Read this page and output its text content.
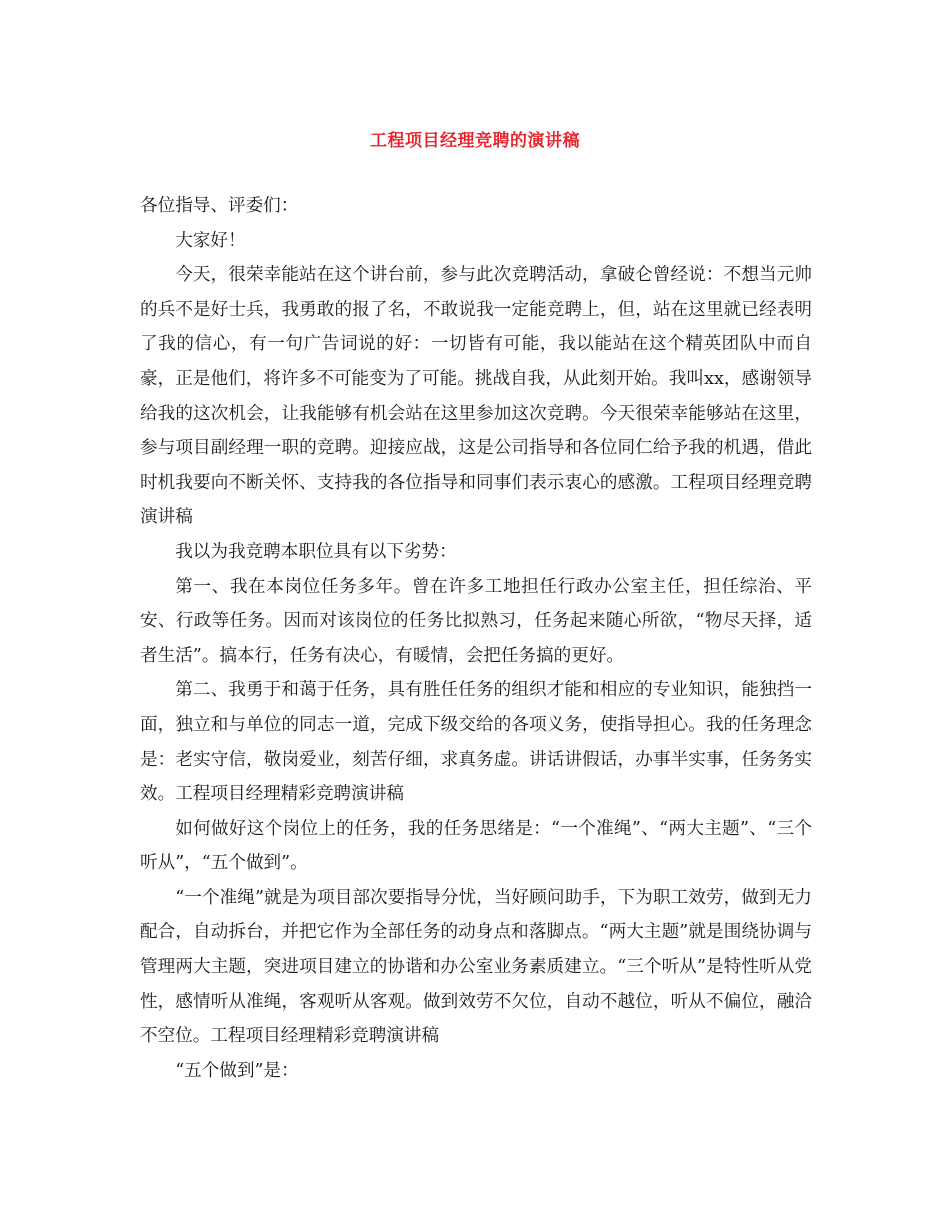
工程项目经理竞聘的演讲稿

各位指导、评委们：

大家好！

今天，很荣幸能站在这个讲台前，参与此次竞聘活动，拿破仑曾经说：不想当元帅的兵不是好士兵，我勇敢的报了名，不敢说我一定能竞聘上，但，站在这里就已经表明了我的信心，有一句广告词说的好：一切皆有可能，我以能站在这个精英团队中而自豪，正是他们，将许多不可能变为了可能。挑战自我，从此刻开始。我叫xx，感谢领导给我的这次机会，让我能够有机会站在这里参加这次竞聘。今天很荣幸能够站在这里，参与项目副经理一职的竞聘。迎接应战，这是公司指导和各位同仁给予我的机遇，借此时机我要向不断关怀、支持我的各位指导和同事们表示衷心的感激。工程项目经理竞聘演讲稿

我以为我竞聘本职位具有以下劣势：

第一、我在本岗位任务多年。曾在许多工地担任行政办公室主任，担任综治、平安、行政等任务。因而对该岗位的任务比拟熟习，任务起来随心所欲，“物尽天择，适者生活”。搞本行，任务有决心，有暖情，会把任务搞的更好。

第二、我勇于和蔼于任务，具有胜任任务的组织才能和相应的专业知识，能独挡一面，独立和与单位的同志一道，完成下级交给的各项义务，使指导担心。我的任务理念是：老实守信，敬岗爱业，刻苦仔细，求真务虚。讲话讲假话，办事半实事，任务务实效。工程项目经理精彩竞聘演讲稿

如何做好这个岗位上的任务，我的任务思绪是：“一个准绳”、“两大主题”、“三个听从”，“五个做到”。

“一个准绳”就是为项目部次要指导分忧，当好顾问助手，下为职工效劳，做到无力配合，自动拆台，并把它作为全部任务的动身点和落脚点。“两大主题”就是围绕协调与管理两大主题，突进项目建立的协谐和办公室业务素质建立。“三个听从”是特性听从党性，感情听从准绳，客观听从客观。做到效劳不欠位，自动不越位，听从不偏位，融洽不空位。工程项目经理精彩竞聘演讲稿

“五个做到”是：
